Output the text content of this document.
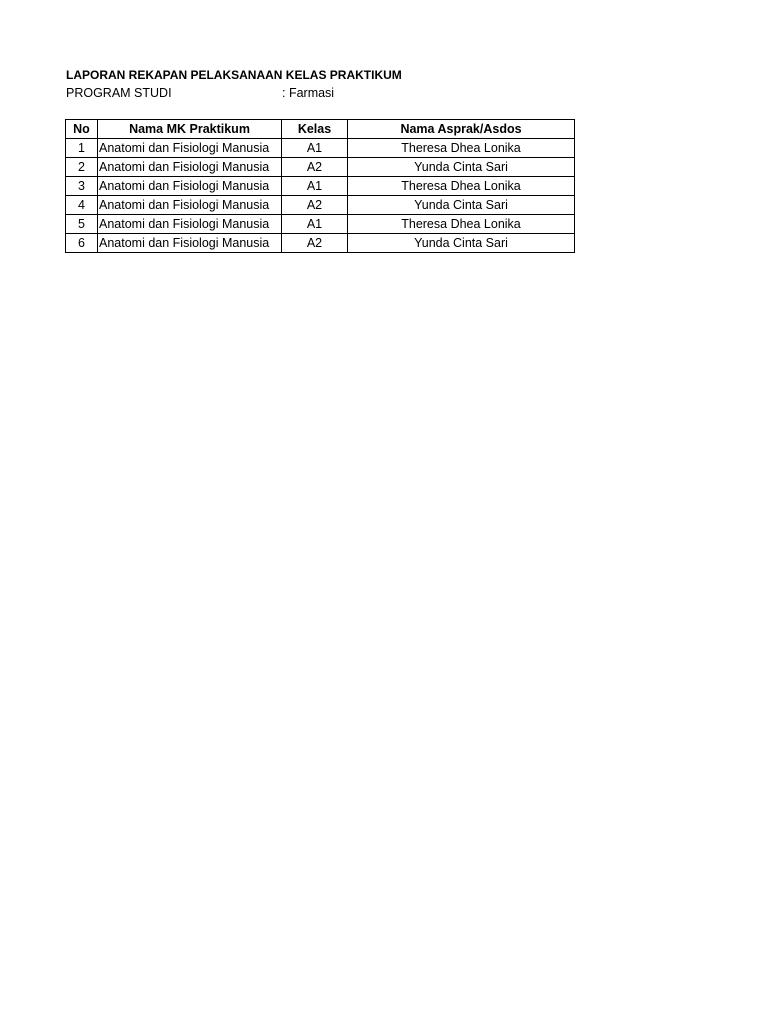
LAPORAN REKAPAN PELAKSANAAN KELAS PRAKTIKUM
PROGRAM STUDI	: Farmasi
No	Nama MK Praktikum	Kelas	Nama Asprak/Asdos
1	Anatomi dan Fisiologi Manusia	A1	Theresa Dhea Lonika
2	Anatomi dan Fisiologi Manusia	A2	Yunda Cinta Sari
3	Anatomi dan Fisiologi Manusia	A1	Theresa Dhea Lonika
4	Anatomi dan Fisiologi Manusia	A2	Yunda Cinta Sari
5	Anatomi dan Fisiologi Manusia	A1	Theresa Dhea Lonika
6	Anatomi dan Fisiologi Manusia	A2	Yunda Cinta Sari
